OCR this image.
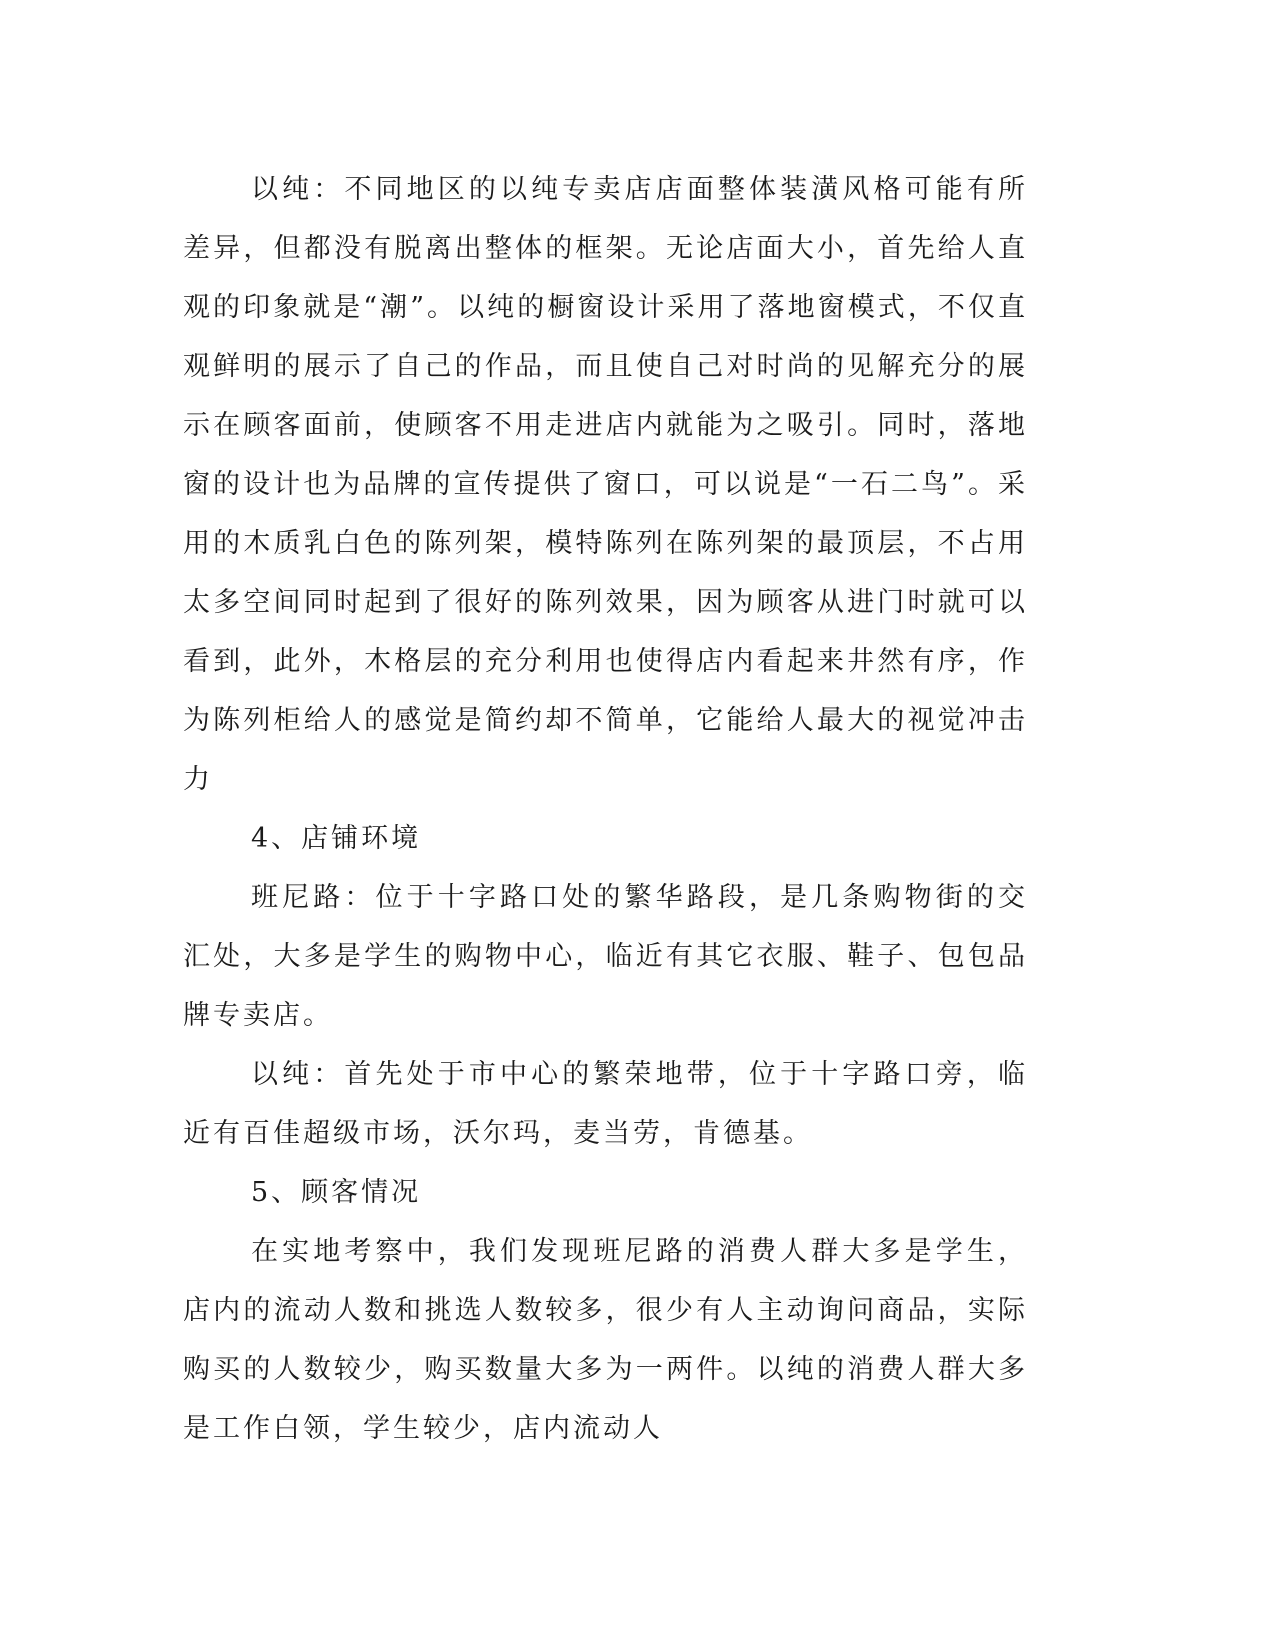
以纯：不同地区的以纯专卖店店面整体装潢风格可能有所差异，但都没有脱离出整体的框架。无论店面大小，首先给人直观的印象就是“潮”。以纯的橱窗设计采用了落地窗模式，不仅直观鲜明的展示了自己的作品，而且使自己对时尚的见解充分的展示在顾客面前，使顾客不用走进店内就能为之吸引。同时，落地窗的设计也为品牌的宣传提供了窗口，可以说是“一石二鸟”。采用的木质乳白色的陈列架，模特陈列在陈列架的最顶层，不占用太多空间同时起到了很好的陈列效果，因为顾客从进门时就可以看到，此外，木格层的充分利用也使得店内看起来井然有序，作为陈列柜给人的感觉是简约却不简单，它能给人最大的视觉冲击力

4、店铺环境

班尼路：位于十字路口处的繁华路段，是几条购物街的交汇处，大多是学生的购物中心，临近有其它衣服、鞋子、包包品牌专卖店。

以纯：首先处于市中心的繁荣地带，位于十字路口旁，临近有百佳超级市场，沃尔玛，麦当劳，肯德基。

5、顾客情况

在实地考察中，我们发现班尼路的消费人群大多是学生，店内的流动人数和挑选人数较多，很少有人主动询问商品，实际购买的人数较少，购买数量大多为一两件。以纯的消费人群大多是工作白领，学生较少，店内流动人
